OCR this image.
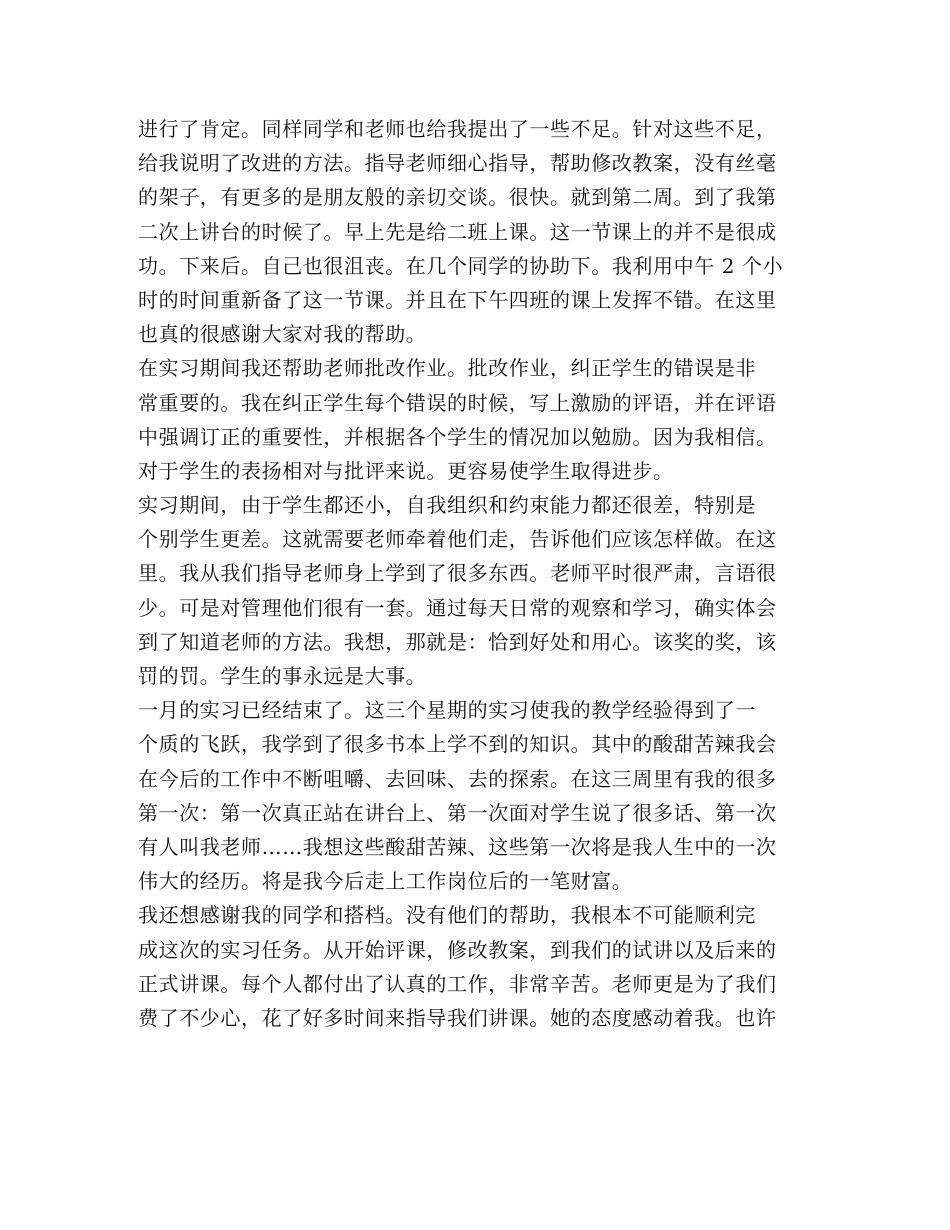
进行了肯定。同样同学和老师也给我提出了一些不足。针对这些不足，
给我说明了改进的方法。指导老师细心指导，帮助修改教案，没有丝毫
的架子，有更多的是朋友般的亲切交谈。很快。就到第二周。到了我第
二次上讲台的时候了。早上先是给二班上课。这一节课上的并不是很成
功。下来后。自己也很沮丧。在几个同学的协助下。我利用中午 2 个小
时的时间重新备了这一节课。并且在下午四班的课上发挥不错。在这里
也真的很感谢大家对我的帮助。
在实习期间我还帮助老师批改作业。批改作业，纠正学生的错误是非
常重要的。我在纠正学生每个错误的时候，写上激励的评语，并在评语
中强调订正的重要性，并根据各个学生的情况加以勉励。因为我相信。
对于学生的表扬相对与批评来说。更容易使学生取得进步。
实习期间，由于学生都还小，自我组织和约束能力都还很差，特别是
个别学生更差。这就需要老师牵着他们走，告诉他们应该怎样做。在这
里。我从我们指导老师身上学到了很多东西。老师平时很严肃，言语很
少。可是对管理他们很有一套。通过每天日常的观察和学习，确实体会
到了知道老师的方法。我想，那就是：恰到好处和用心。该奖的奖，该
罚的罚。学生的事永远是大事。
一月的实习已经结束了。这三个星期的实习使我的教学经验得到了一
个质的飞跃，我学到了很多书本上学不到的知识。其中的酸甜苦辣我会
在今后的工作中不断咀嚼、去回味、去的探索。在这三周里有我的很多
第一次：第一次真正站在讲台上、第一次面对学生说了很多话、第一次
有人叫我老师……我想这些酸甜苦辣、这些第一次将是我人生中的一次
伟大的经历。将是我今后走上工作岗位后的一笔财富。
我还想感谢我的同学和搭档。没有他们的帮助，我根本不可能顺利完
成这次的实习任务。从开始评课，修改教案，到我们的试讲以及后来的
正式讲课。每个人都付出了认真的工作，非常辛苦。老师更是为了我们
费了不少心，花了好多时间来指导我们讲课。她的态度感动着我。也许
